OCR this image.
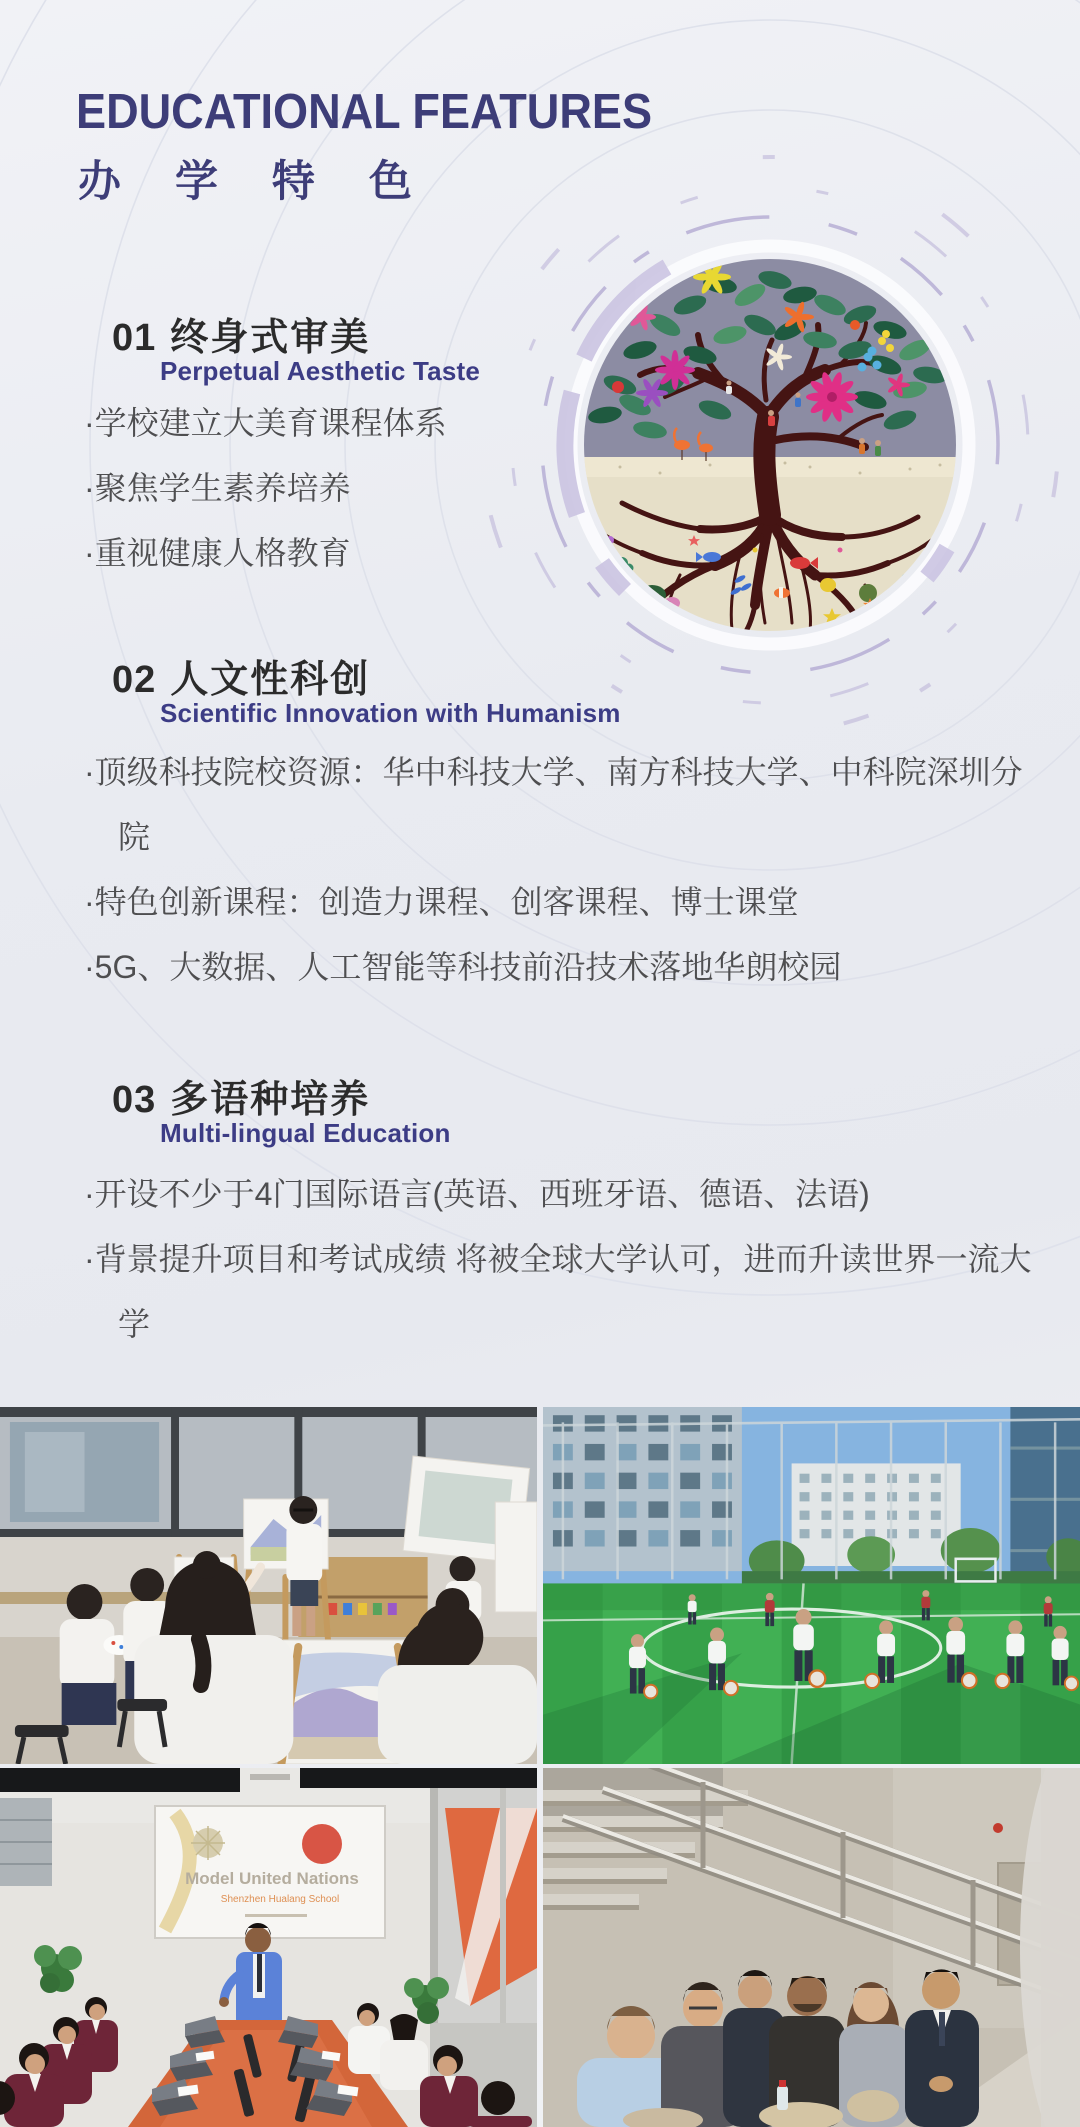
EDUCATIONAL FEATURES
办 学 特 色
01 终身式审美
Perpetual Aesthetic Taste

·学校建立大美育课程体系

·聚焦学生素养培养

·重视健康人格教育

02 人文性科创
Scientific Innovation with Humanism

·顶级科技院校资源：华中科技大学、南方科技大学、中科院深圳分院

·特色创新课程：创造力课程、创客课程、博士课堂

·5G、大数据、人工智能等科技前沿技术落地华朗校园

03 多语种培养
Multi-lingual Education

·开设不少于4门国际语言(英语、西班牙语、德语、法语)

·背景提升项目和考试成绩 将被全球大学认可，进而升读世界一流大学

Model United Nations
Shenzhen Hualang School
